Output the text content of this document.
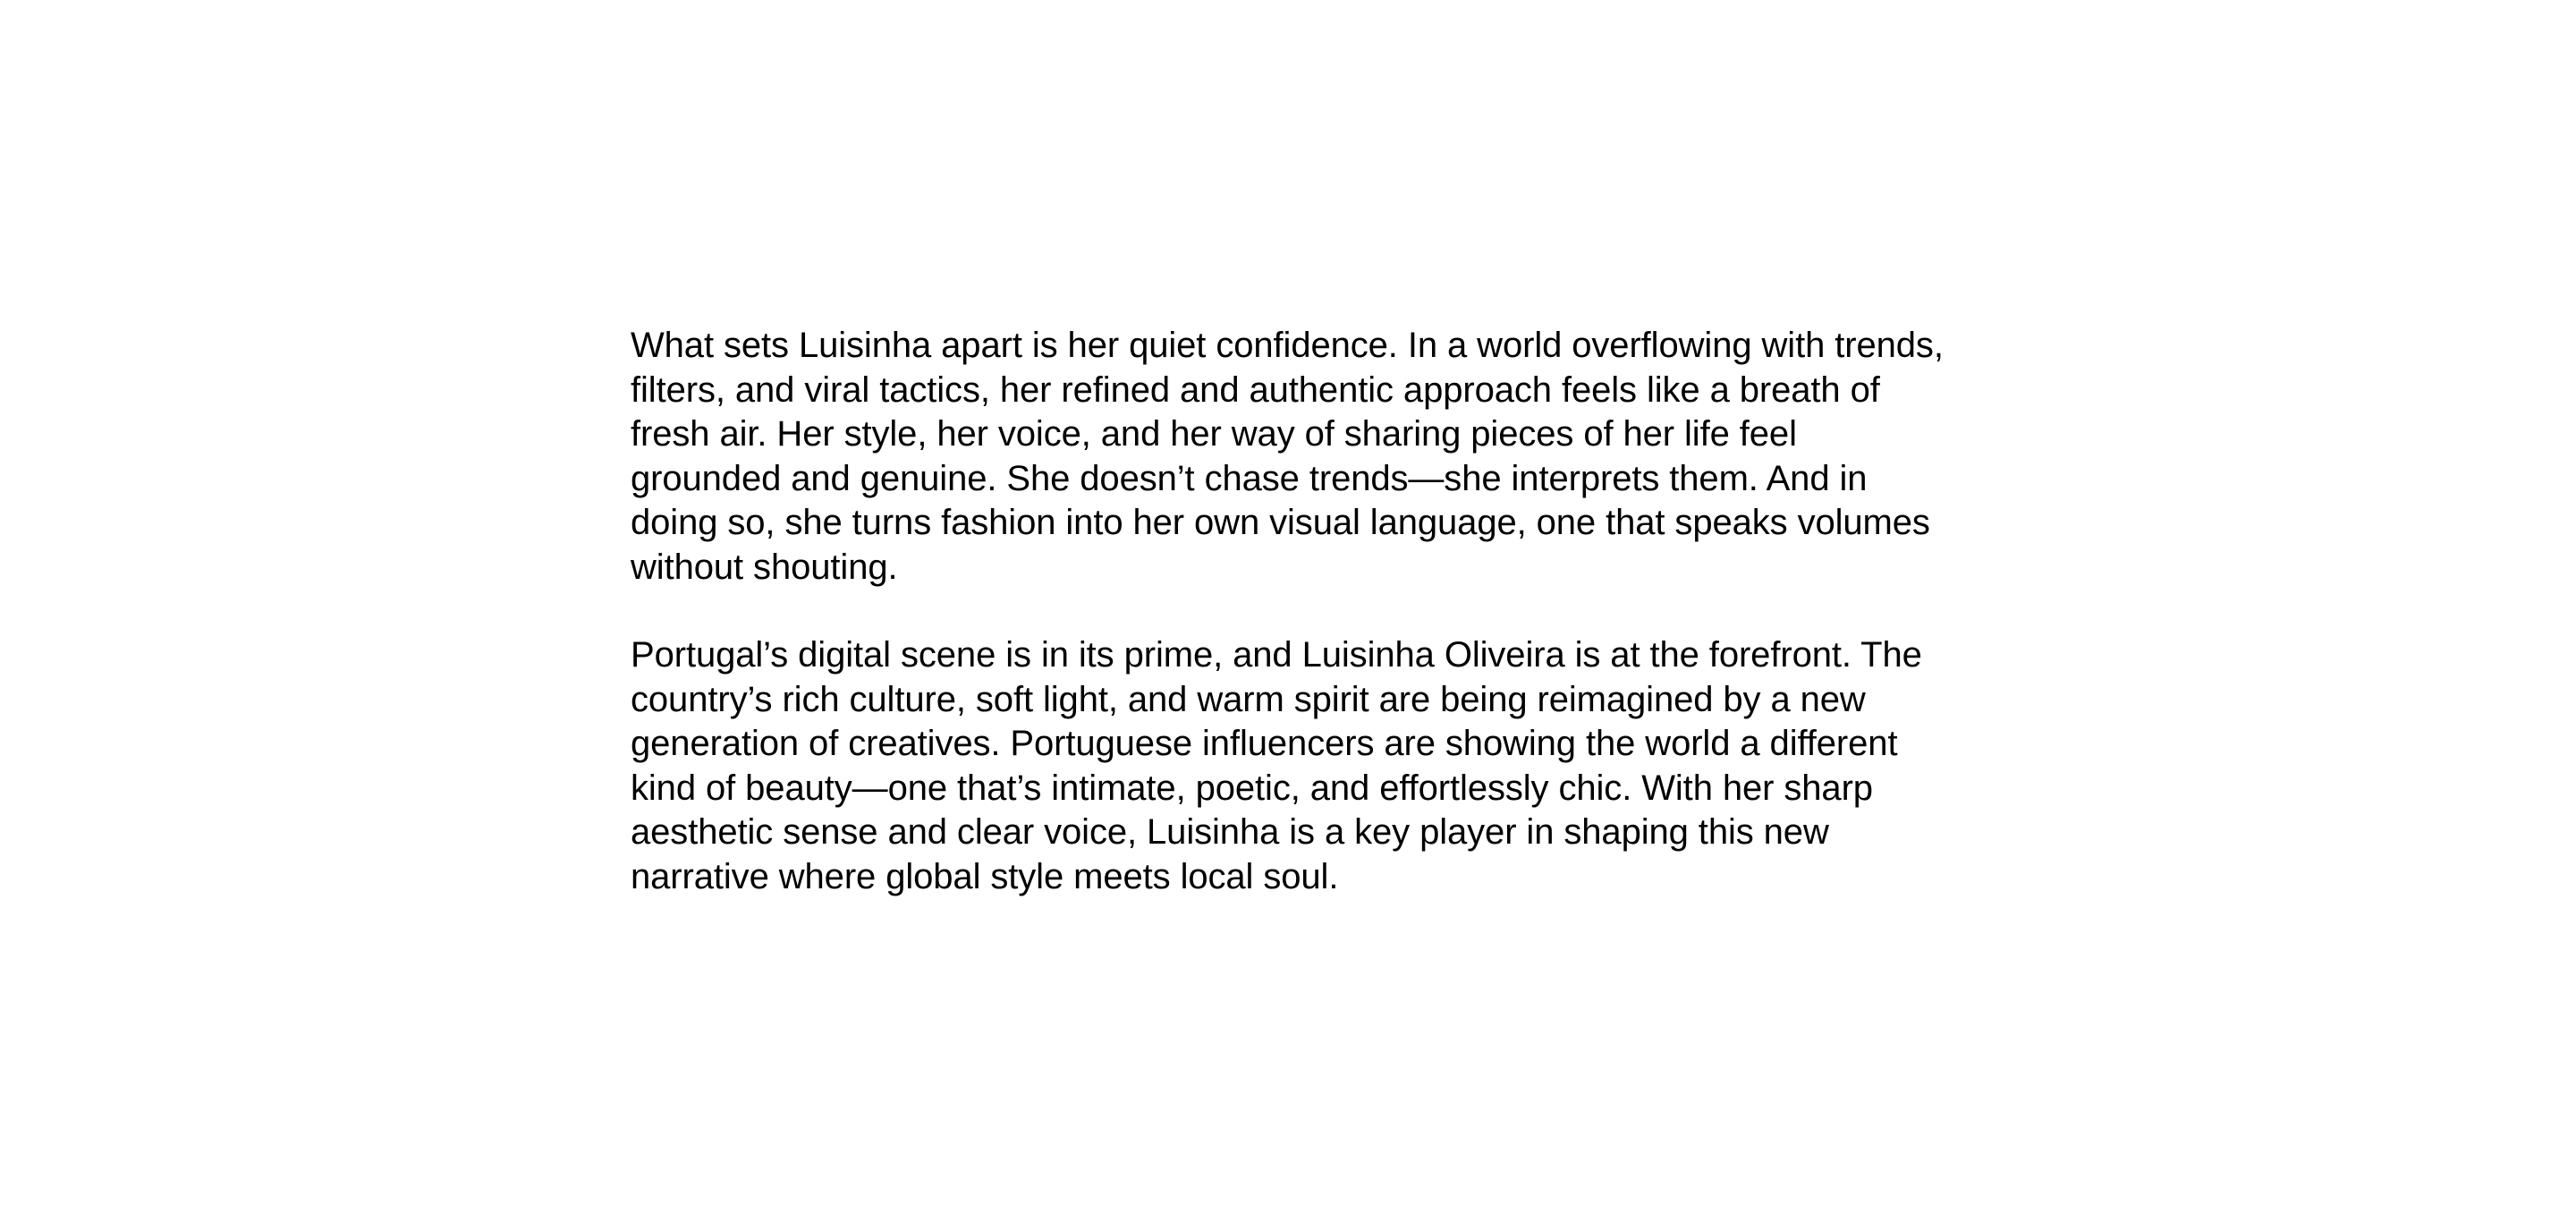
What sets Luisinha apart is her quiet confidence. In a world overflowing with trends, filters, and viral tactics, her refined and authentic approach feels like a breath of fresh air. Her style, her voice, and her way of sharing pieces of her life feel grounded and genuine. She doesn’t chase trends—she interprets them. And in doing so, she turns fashion into her own visual language, one that speaks volumes without shouting.

Portugal’s digital scene is in its prime, and Luisinha Oliveira is at the forefront. The country’s rich culture, soft light, and warm spirit are being reimagined by a new generation of creatives. Portuguese influencers are showing the world a different kind of beauty—one that’s intimate, poetic, and effortlessly chic. With her sharp aesthetic sense and clear voice, Luisinha is a key player in shaping this new narrative where global style meets local soul.
